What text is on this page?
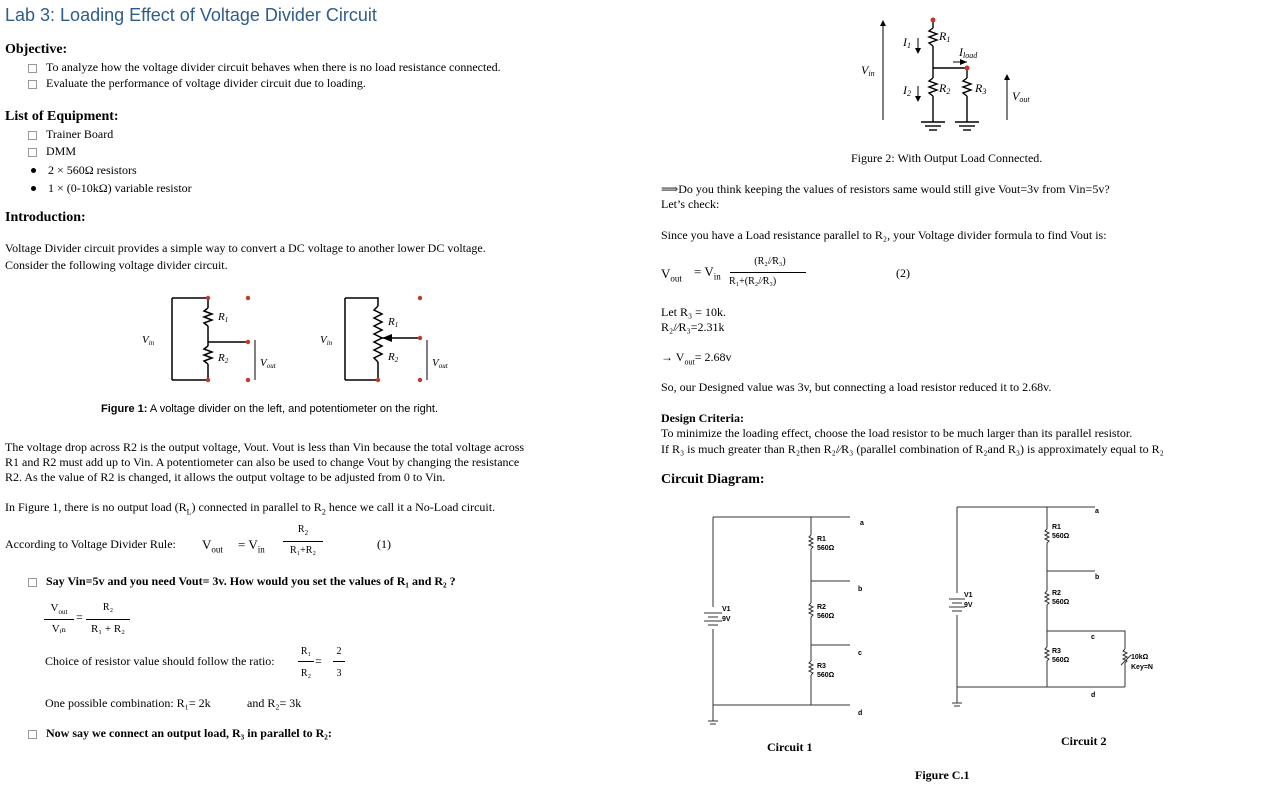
Lab 3: Loading Effect of Voltage Divider Circuit
Objective:
To analyze how the voltage divider circuit behaves when there is no load resistance connected.
Evaluate the performance of voltage divider circuit due to loading.
List of Equipment:
Trainer Board
DMM
2 × 560Ω resistors
1 × (0-10kΩ) variable resistor
Introduction:
Voltage Divider circuit provides a simple way to convert a DC voltage to another lower DC voltage.
Consider the following voltage divider circuit.
R1
R2
Vin
Vout
R1
R2
Vin
Vout
Figure 1: A voltage divider on the left, and potentiometer on the right.
The voltage drop across R2 is the output voltage, Vout. Vout is less than Vin because the total voltage across
R1 and R2 must add up to Vin. A potentiometer can also be used to change Vout by changing the resistance
R2. As the value of R2 is changed, it allows the output voltage to be adjusted from 0 to Vin.
In Figure 1, there is no output load $(R_L)$ connected in parallel to $R_2$ hence we call it a No-Load circuit.
According to Voltage Divider Rule: $V_{out} = V_{in}$
$R_2$
R₁+R₂	(1)
Say Vin=5v and you need Vout= 3v. How would you set the values of R₁ and R₂ ?
$V_{out}$
Vᵢₙ
=
R₂
R₁ + R₂
Choice of resistor value should follow the ratio:
R₁
R₂
=
2
3
One possible combination: R₁= 2k	and R₂= 3k
Now say we connect an output load, R₃ in parallel to R₂:
R1
R2 R3
I1
I2
Iload
Vin
Vout
Figure 2: With Output Load Connected.
⟹Do you think keeping the values of resistors same would still give Vout=3v from Vin=5v?
Let’s check:
Since you have a Load resistance parallel to R₂, your Voltage divider formula to find Vout is:
$V_{out} = V_{in}$
(R₂/⁄R₃)
R₁+(R₂/⁄R₃)
(2)
Let R₃ = 10k.
R₂/⁄R₃=2.31k
→ $V_{out}= 2.68v$
So, our Designed value was 3v, but connecting a load resistor reduced it to 2.68v.
Design Criteria:
To minimize the loading effect, choose the load resistor to be much larger than its parallel resistor.
If R₃ is much greater than R₂then R₂/⁄R₃ (parallel combination of R₂and R₃) is approximately equal to R₂
Circuit Diagram:
R1
560Ω
R2
560Ω
R3
560Ω
V1
9V
a
b
c
d
Circuit 1
R1
560Ω
R2
560Ω
R3
560Ω
V1
9V
10kΩ
Key=N
a
b
c
d
Circuit 2
Figure C.1
